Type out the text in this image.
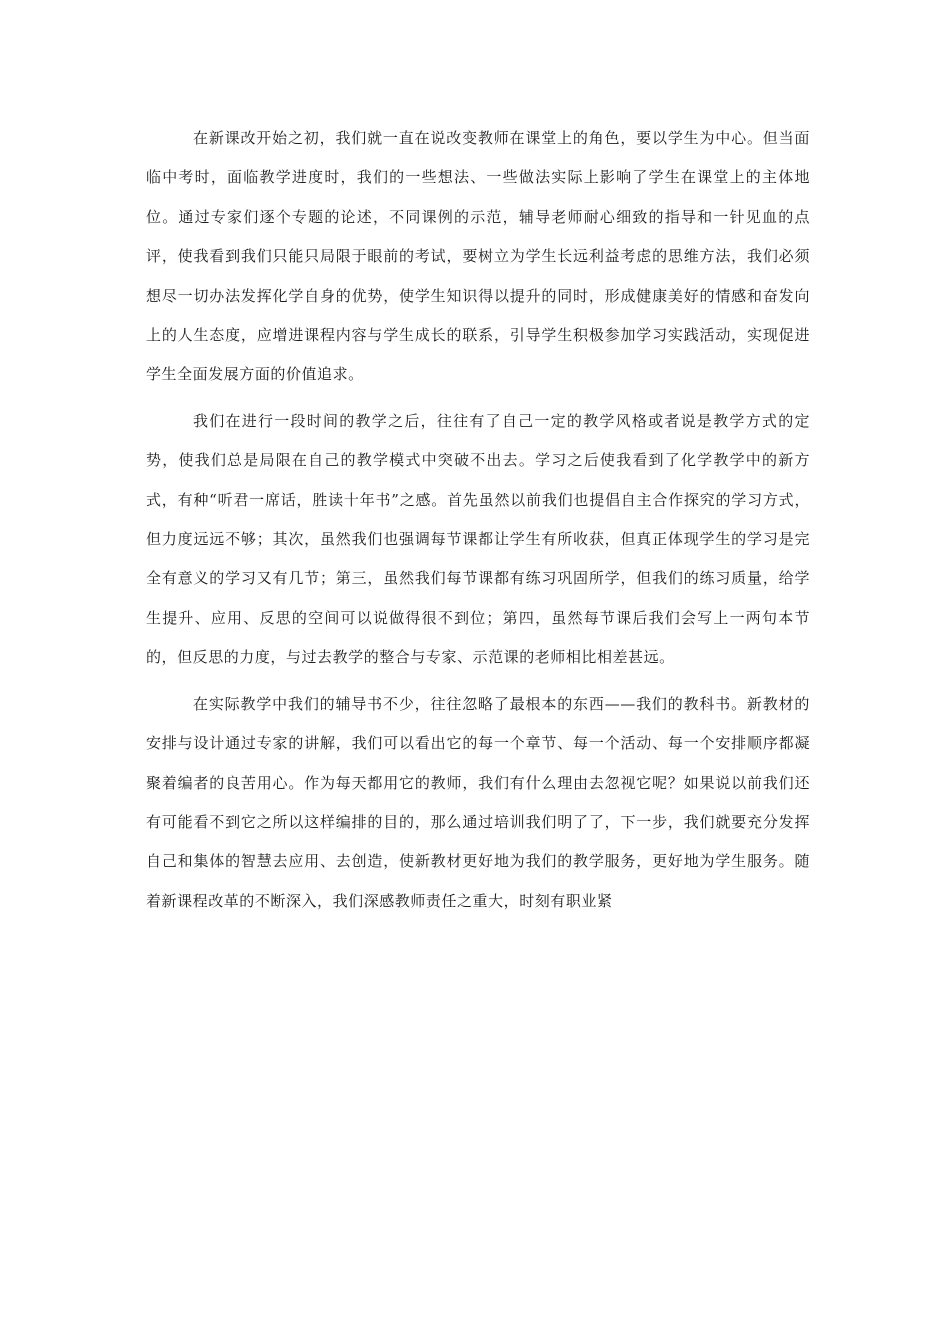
在新课改开始之初，我们就一直在说改变教师在课堂上的角色，要以学生为中心。但当面临中考时，面临教学进度时，我们的一些想法、一些做法实际上影响了学生在课堂上的主体地位。通过专家们逐个专题的论述，不同课例的示范，辅导老师耐心细致的指导和一针见血的点评，使我看到我们只能只局限于眼前的考试，要树立为学生长远利益考虑的思维方法，我们必须想尽一切办法发挥化学自身的优势，使学生知识得以提升的同时，形成健康美好的情感和奋发向上的人生态度，应增进课程内容与学生成长的联系，引导学生积极参加学习实践活动，实现促进学生全面发展方面的价值追求。

我们在进行一段时间的教学之后，往往有了自己一定的教学风格或者说是教学方式的定势，使我们总是局限在自己的教学模式中突破不出去。学习之后使我看到了化学教学中的新方式，有种“听君一席话，胜读十年书”之感。首先虽然以前我们也提倡自主合作探究的学习方式，但力度远远不够；其次，虽然我们也强调每节课都让学生有所收获，但真正体现学生的学习是完全有意义的学习又有几节；第三，虽然我们每节课都有练习巩固所学，但我们的练习质量，给学生提升、应用、反思的空间可以说做得很不到位；第四，虽然每节课后我们会写上一两句本节的，但反思的力度，与过去教学的整合与专家、示范课的老师相比相差甚远。

在实际教学中我们的辅导书不少，往往忽略了最根本的东西——我们的教科书。新教材的安排与设计通过专家的讲解，我们可以看出它的每一个章节、每一个活动、每一个安排顺序都凝聚着编者的良苦用心。作为每天都用它的教师，我们有什么理由去忽视它呢？如果说以前我们还有可能看不到它之所以这样编排的目的，那么通过培训我们明了了，下一步，我们就要充分发挥自己和集体的智慧去应用、去创造，使新教材更好地为我们的教学服务，更好地为学生服务。随着新课程改革的不断深入，我们深感教师责任之重大，时刻有职业紧
